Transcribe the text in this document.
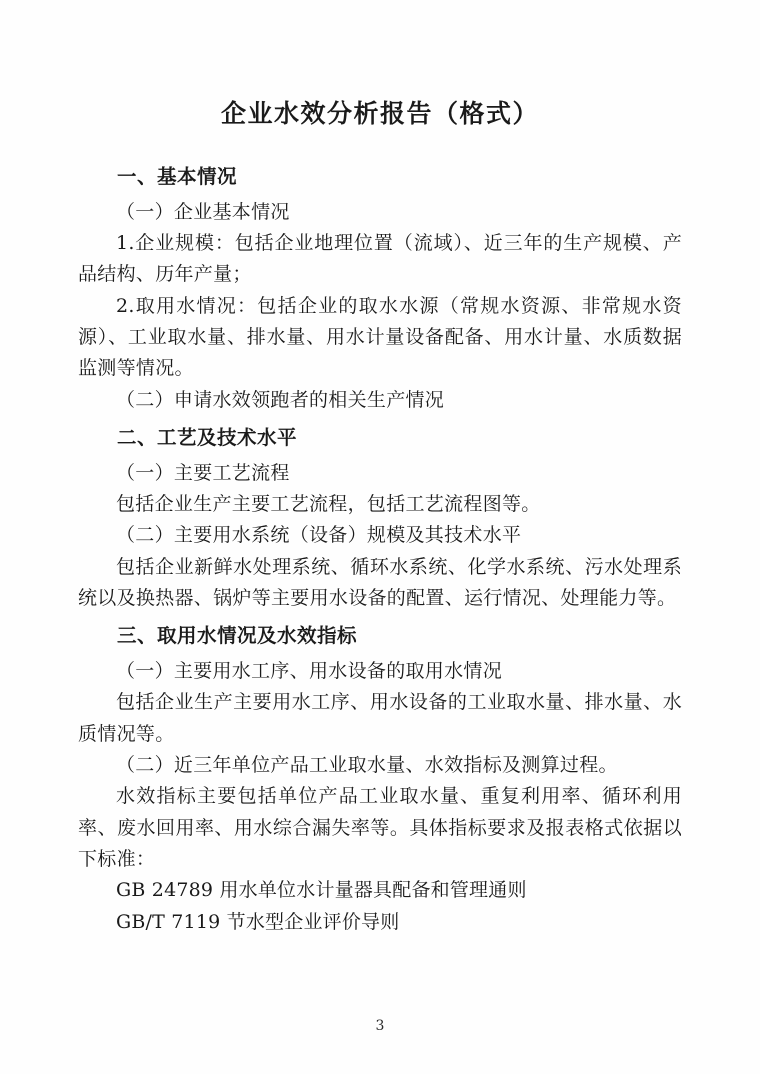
企业水效分析报告（格式）
一、基本情况

（一）企业基本情况

1.企业规模：包括企业地理位置（流域）、近三年的生产规模、产品结构、历年产量；

2.取用水情况：包括企业的取水水源（常规水资源、非常规水资源）、工业取水量、排水量、用水计量设备配备、用水计量、水质数据监测等情况。

（二）申请水效领跑者的相关生产情况

二、工艺及技术水平

（一）主要工艺流程

包括企业生产主要工艺流程，包括工艺流程图等。

（二）主要用水系统（设备）规模及其技术水平

包括企业新鲜水处理系统、循环水系统、化学水系统、污水处理系统以及换热器、锅炉等主要用水设备的配置、运行情况、处理能力等。

三、取用水情况及水效指标

（一）主要用水工序、用水设备的取用水情况

包括企业生产主要用水工序、用水设备的工业取水量、排水量、水质情况等。

（二）近三年单位产品工业取水量、水效指标及测算过程。

水效指标主要包括单位产品工业取水量、重复利用率、循环利用率、废水回用率、用水综合漏失率等。具体指标要求及报表格式依据以下标准：

GB 24789 用水单位水计量器具配备和管理通则

GB/T 7119 节水型企业评价导则

3
